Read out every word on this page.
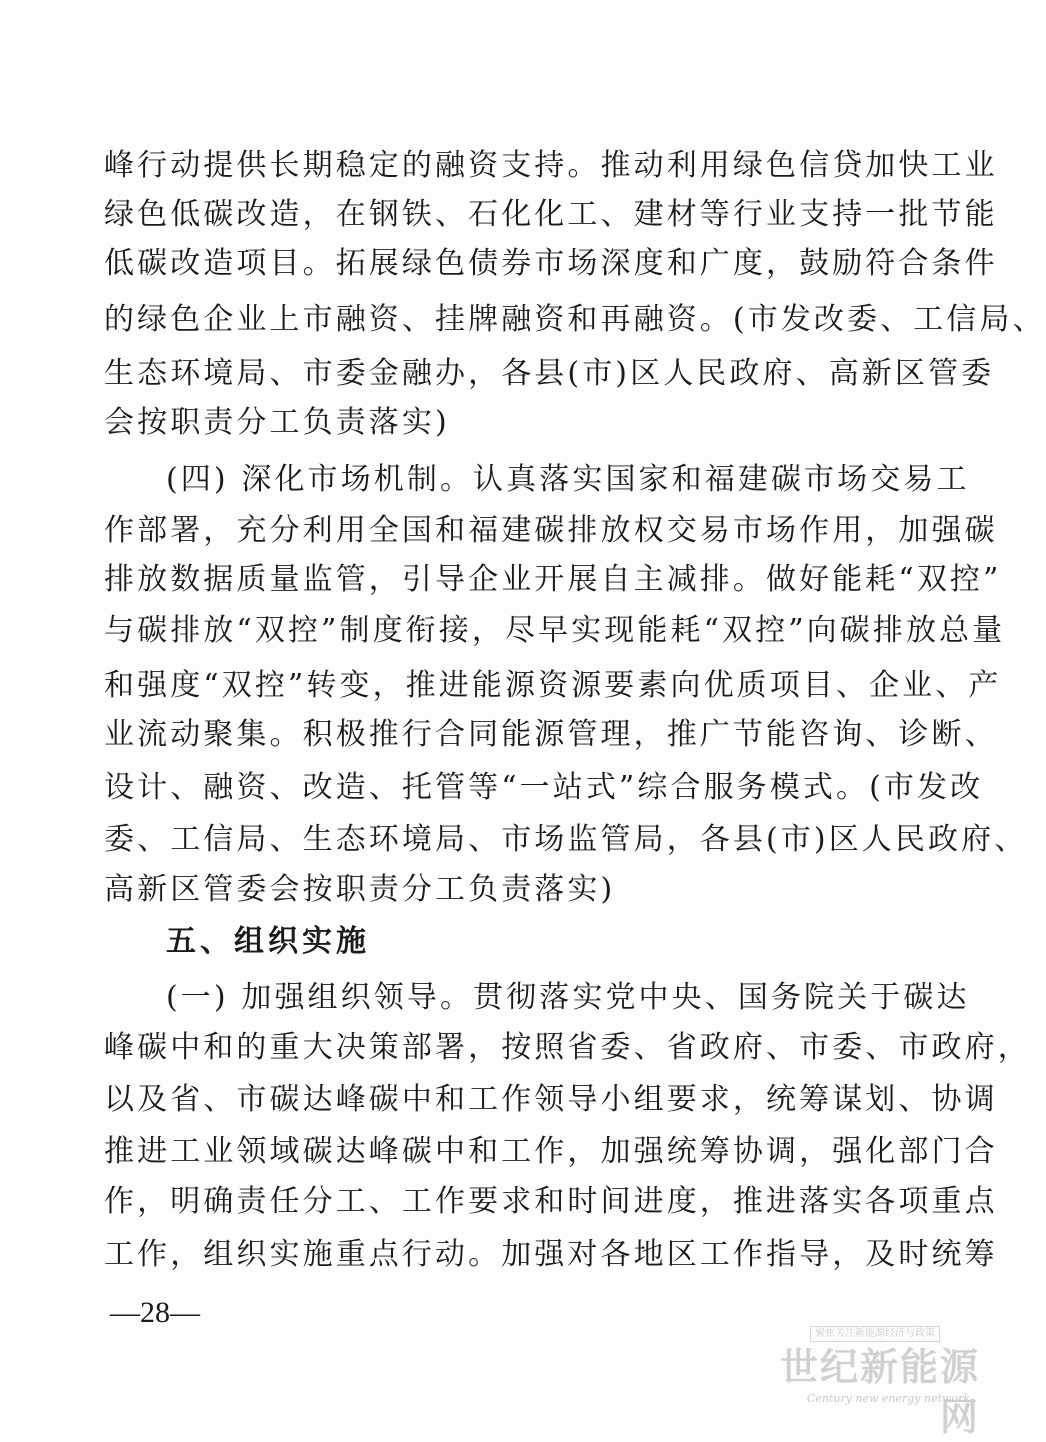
峰行动提供长期稳定的融资支持。推动利用绿色信贷加快工业
绿色低碳改造，在钢铁、石化化工、建材等行业支持一批节能
低碳改造项目。拓展绿色债券市场深度和广度，鼓励符合条件
的绿色企业上市融资、挂牌融资和再融资。(市发改委、工信局、
生态环境局、市委金融办，各县(市)区人民政府、高新区管委
会按职责分工负责落实)
(四) 深化市场机制。认真落实国家和福建碳市场交易工
作部署，充分利用全国和福建碳排放权交易市场作用，加强碳
排放数据质量监管，引导企业开展自主减排。做好能耗“双控”
与碳排放“双控”制度衔接，尽早实现能耗“双控”向碳排放总量
和强度“双控”转变，推进能源资源要素向优质项目、企业、产
业流动聚集。积极推行合同能源管理，推广节能咨询、诊断、
设计、融资、改造、托管等“一站式”综合服务模式。(市发改
委、工信局、生态环境局、市场监管局，各县(市)区人民政府、
高新区管委会按职责分工负责落实)
五、组织实施
(一) 加强组织领导。贯彻落实党中央、国务院关于碳达
峰碳中和的重大决策部署，按照省委、省政府、市委、市政府，
以及省、市碳达峰碳中和工作领导小组要求，统筹谋划、协调
推进工业领域碳达峰碳中和工作，加强统筹协调，强化部门合
作，明确责任分工、工作要求和时间进度，推进落实各项重点
工作，组织实施重点行动。加强对各地区工作指导，及时统筹
—28—
聚焦关注新能源经济与政策
世纪新能源网
Century new energy network
